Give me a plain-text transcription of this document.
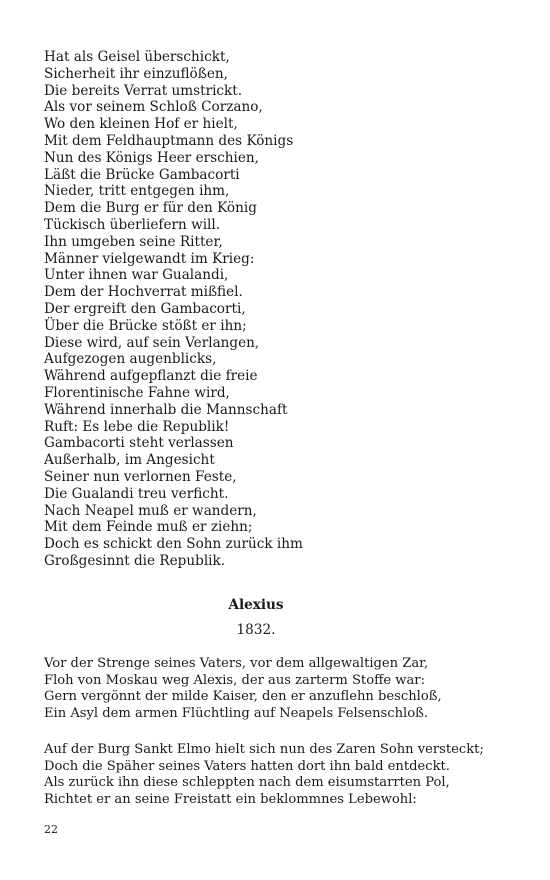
Hat als Geisel überschickt,
Sicherheit ihr einzuflößen,
Die bereits Verrat umstrickt.
Als vor seinem Schloß Corzano,
Wo den kleinen Hof er hielt,
Mit dem Feldhauptmann des Königs
Nun des Königs Heer erschien,
Läßt die Brücke Gambacorti
Nieder, tritt entgegen ihm,
Dem die Burg er für den König
Tückisch überliefern will.
Ihn umgeben seine Ritter,
Männer vielgewandt im Krieg:
Unter ihnen war Gualandi,
Dem der Hochverrat mißfiel.
Der ergreift den Gambacorti,
Über die Brücke stößt er ihn;
Diese wird, auf sein Verlangen,
Aufgezogen augenblicks,
Während aufgepflanzt die freie
Florentinische Fahne wird,
Während innerhalb die Mannschaft
Ruft: Es lebe die Republik!
Gambacorti steht verlassen
Außerhalb, im Angesicht
Seiner nun verlornen Feste,
Die Gualandi treu verficht.
Nach Neapel muß er wandern,
Mit dem Feinde muß er ziehn;
Doch es schickt den Sohn zurück ihm
Großgesinnt die Republik.
Alexius
1832.
Vor der Strenge seines Vaters, vor dem allgewaltigen Zar,
Floh von Moskau weg Alexis, der aus zarterm Stoffe war:
Gern vergönnt der milde Kaiser, den er anzuflehn beschloß,
Ein Asyl dem armen Flüchtling auf Neapels Felsenschloß.
Auf der Burg Sankt Elmo hielt sich nun des Zaren Sohn versteckt;
Doch die Späher seines Vaters hatten dort ihn bald entdeckt.
Als zurück ihn diese schleppten nach dem eisumstarrten Pol,
Richtet er an seine Freistatt ein beklommnes Lebewohl:
22
